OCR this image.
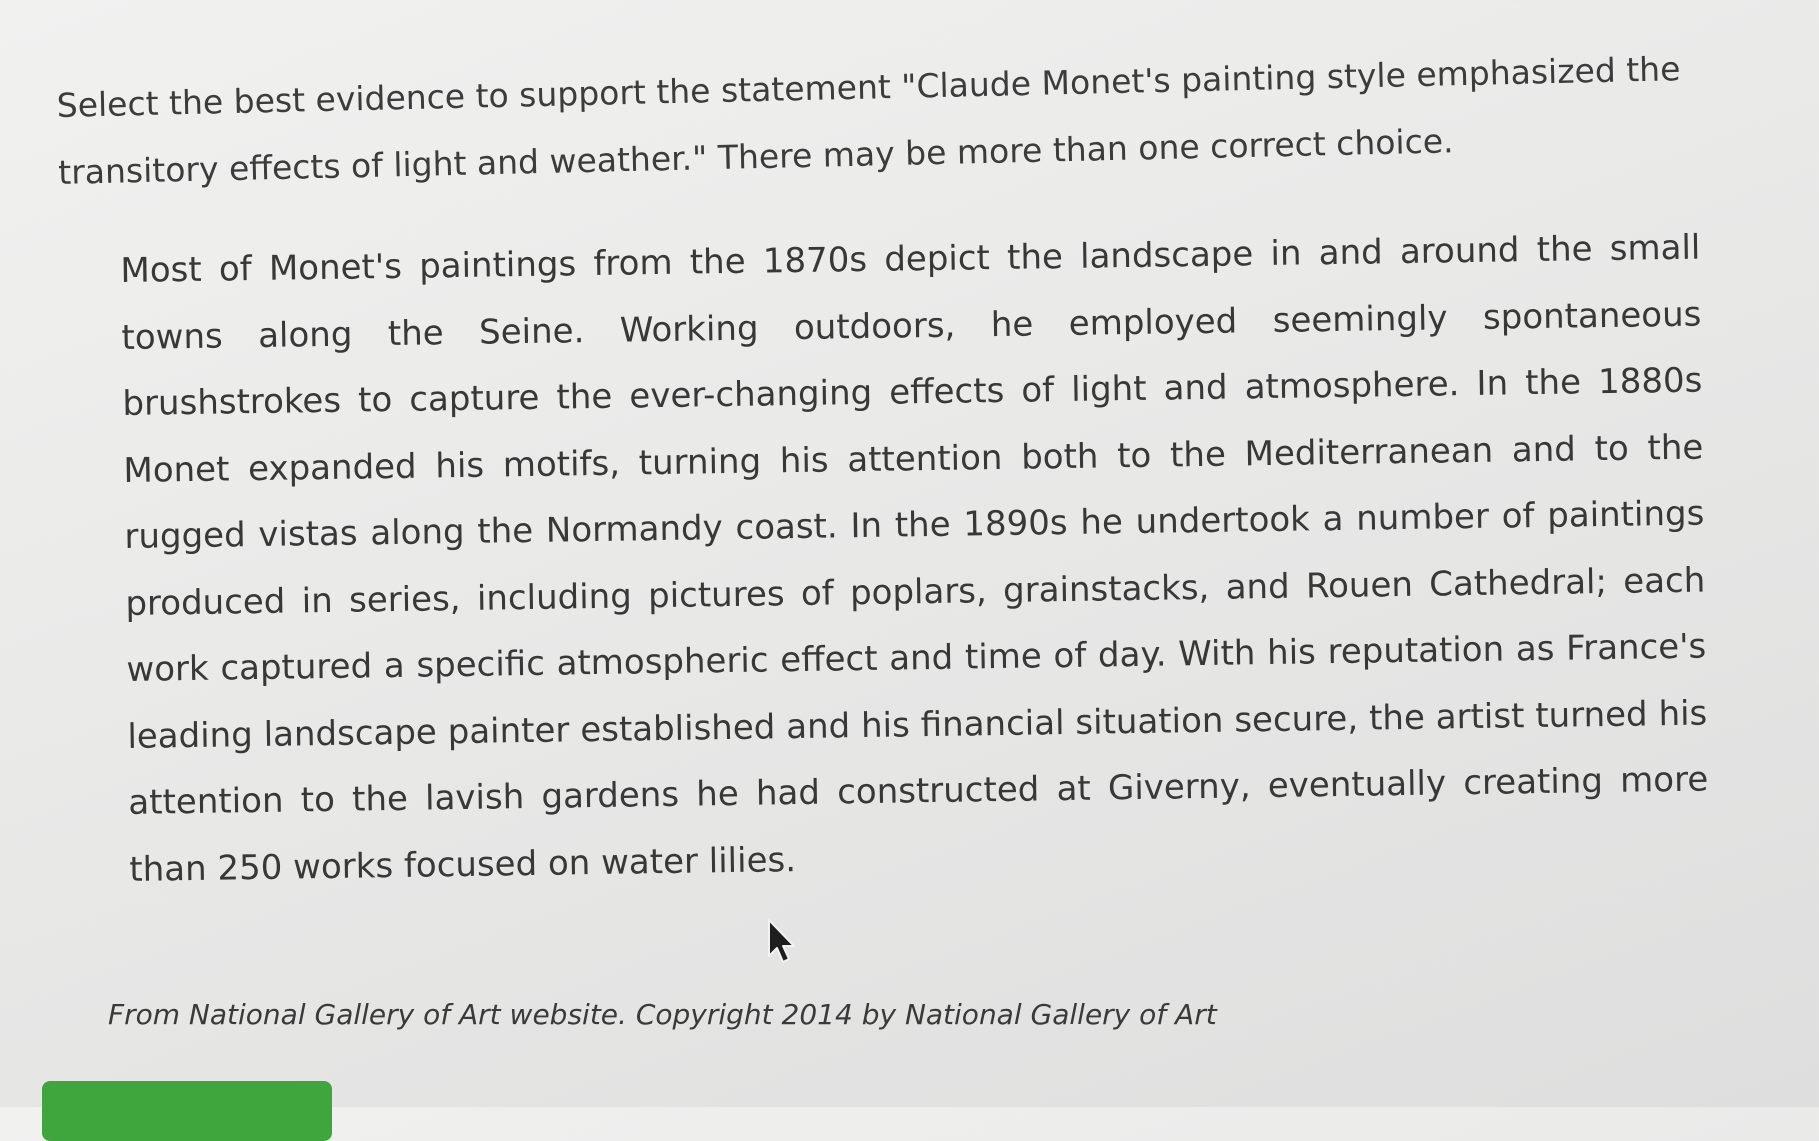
Select the best evidence to support the statement "Claude Monet's painting style emphasized the transitory effects of light and weather." There may be more than one correct choice.

Most of Monet's paintings from the 1870s depict the landscape in and around the small towns along the Seine. Working outdoors, he employed seemingly spontaneous brushstrokes to capture the ever-changing effects of light and atmosphere. In the 1880s Monet expanded his motifs, turning his attention both to the Mediterranean and to the rugged vistas along the Normandy coast. In the 1890s he undertook a number of paintings produced in series, including pictures of poplars, grainstacks, and Rouen Cathedral; each work captured a specific atmospheric effect and time of day. With his reputation as France's leading landscape painter established and his financial situation secure, the artist turned his attention to the lavish gardens he had constructed at Giverny, eventually creating more than 250 works focused on water lilies.

From National Gallery of Art website. Copyright 2014 by National Gallery of Art
